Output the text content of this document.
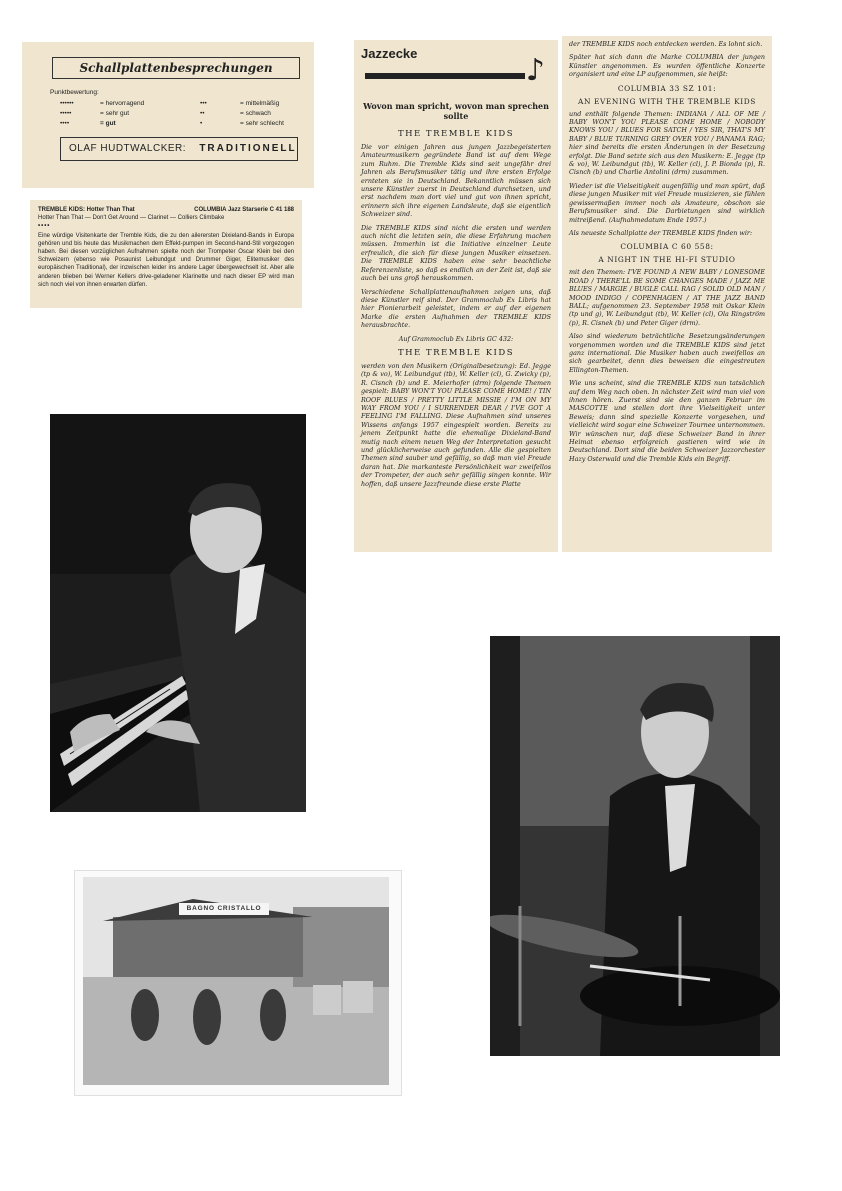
Schallplattenbesprechungen
Punktbewertung:
••••••	= hervorragend	•••	= mittelmäßig
•••••	= sehr gut	••	= schwach
••••	= gut	•	= sehr schlecht
OLAF HUDTWALCKER: TRADITIONELL
TREMBLE KIDS: Hotter Than That	COLUMBIA Jazz Starserie C 41 188
Hotter Than That — Don't Get Around — Clarinet — Colliers Climbake
••••
Eine würdige Visitenkarte der Tremble Kids, die zu den ailerersten Dixieland-Bands in Europa gehören und bis heute das Musikmachen dem Effekt-pumpen im Second-hand-Stil vorgezogen haben. Bei diesen vorzüglichen Aufnahmen spielte noch der Trompeter Oscar Klein bei den Schweizern (ebenso wie Posaunist Leibundgut und Drummer Giger, Elitemusiker des europäischen Traditional), der inzwischen leider ins andere Lager übergewechselt ist. Aber alle anderen blieben bei Werner Kellers drive-geladener Klarinette und nach dieser EP wird man sich noch viel von ihnen erwarten dürfen.
Jazzecke	♪
Wovon man spricht, wovon man sprechen sollte
THE TREMBLE KIDS

Die vor einigen Jahren aus jungen Jazzbegeisterten Amateurmusikern gegründete Band ist auf dem Wege zum Ruhm. Die Tremble Kids sind seit ungefähr drei Jahren als Berufsmusiker tätig und ihre ersten Erfolge ernteten sie in Deutschland. Bekanntlich müssen sich unsere Künstler zuerst in Deutschland durchsetzen, und erst nachdem man dort viel und gut von ihnen spricht, erinnern sich ihre eigenen Landsleute, daß sie eigentlich Schweizer sind.

Die TREMBLE KIDS sind nicht die ersten und werden auch nicht die letzten sein, die diese Erfahrung machen müssen. Immerhin ist die Initiative einzelner Leute erfreulich, die sich für diese jungen Musiker einsetzen. Die TREMBLE KIDS haben eine sehr beachtliche Referenzenliste, so daß es endlich an der Zeit ist, daß sie auch bei uns groß herauskommen.

Verschiedene Schallplattenaufnahmen zeigen uns, daß diese Künstler reif sind. Der Grammoclub Ex Libris hat hier Pionierarbeit geleistet, indem er auf der eigenen Marke die ersten Aufnahmen der TREMBLE KIDS herausbrachte.

Auf Grammoclub Ex Libris GC 432:

THE TREMBLE KIDS

werden von den Musikern (Originalbesetzung): Ed. Jegge (tp & vo), W. Leibundgut (tb), W. Keller (cl), G. Zwicky (p), R. Cisnch (b) und E. Meierhofer (drm) folgende Themen gespielt: BABY WON'T YOU PLEASE COME HOME! / TIN ROOF BLUES / PRETTY LITTLE MISSIE / I'M ON MY WAY FROM YOU / I SURRENDER DEAR / I'VE GOT A FEELING I'M FALLING. Diese Aufnahmen sind unseres Wissens anfangs 1957 eingespielt worden. Bereits zu jenem Zeitpunkt hatte die ehemalige Dixieland-Band mutig nach einem neuen Weg der Interpretation gesucht und glücklicherweise auch gefunden. Alle die gespielten Themen sind sauber und gefällig, so daß man viel Freude daran hat. Die markanteste Persönlichkeit war zweifellos der Trompeter, der auch sehr gefällig singen konnte. Wir hoffen, daß unsere Jazzfreunde diese erste Platte

der TREMBLE KIDS noch entdecken werden. Es lohnt sich.

Später hat sich dann die Marke COLUMBIA der jungen Künstler angenommen. Es wurden öffentliche Konzerte organisiert und eine LP aufgenommen, sie heißt:

COLUMBIA 33 SZ 101:
AN EVENING WITH THE TREMBLE KIDS

und enthält folgende Themen: INDIANA / ALL OF ME / BABY WON'T YOU PLEASE COME HOME / NOBODY KNOWS YOU / BLUES FOR SATCH / YES SIR, THAT'S MY BABY / BLUE TURNING GREY OVER YOU / PANAMA RAG; hier sind bereits die ersten Änderungen in der Besetzung erfolgt. Die Band setzte sich aus den Musikern: E. Jegge (tp & vo), W. Leibundgut (tb), W. Keller (cl), J. P. Bionda (p), R. Cisnch (b) und Charlie Antolini (drm) zusammen.

Wieder ist die Vielseitigkeit augenfällig und man spürt, daß diese jungen Musiker mit viel Freude musizieren, sie fühlen gewissermaßen immer noch als Amateure, obschon sie Berufsmusiker sind. Die Darbietungen sind wirklich mitreißend. (Aufnahmedatum Ende 1957.)

Als neueste Schallplatte der TREMBLE KIDS finden wir:

COLUMBIA C 60 558:
A NIGHT IN THE HI-FI STUDIO

mit den Themen: I'VE FOUND A NEW BABY / LONESOME ROAD / THERE'LL BE SOME CHANGES MADE / JAZZ ME BLUES / MARGIE / BUGLE CALL RAG / SOLID OLD MAN / MOOD INDIGO / COPENHAGEN / AT THE JAZZ BAND BALL; aufgenommen 23. September 1958 mit Oskar Klein (tp und g), W. Leibundgut (tb), W. Keller (cl), Ola Ringström (p), R. Cisnek (b) und Peter Giger (drm).

Also sind wiederum beträchtliche Besetzungsänderungen vorgenommen worden und die TREMBLE KIDS sind jetzt ganz international. Die Musiker haben auch zweifellos an sich gearbeitet, denn dies beweisen die eingestreuten Ellington-Themen.

Wie uns scheint, sind die TREMBLE KIDS nun tatsächlich auf dem Weg nach oben. In nächster Zeit wird man viel von ihnen hören. Zuerst sind sie den ganzen Februar im MASCOTTE und stellen dort ihre Vielseitigkeit unter Beweis; dann sind spezielle Konzerte vorgesehen, und vielleicht wird sogar eine Schweizer Tournee unternommen. Wir wünschen nur, daß diese Schweizer Band in ihrer Heimat ebenso erfolgreich gastieren wird wie in Deutschland. Dort sind die beiden Schweizer Jazzorchester Hazy Osterwald und die Tremble Kids ein Begriff.

BAGNO CRISTALLO
